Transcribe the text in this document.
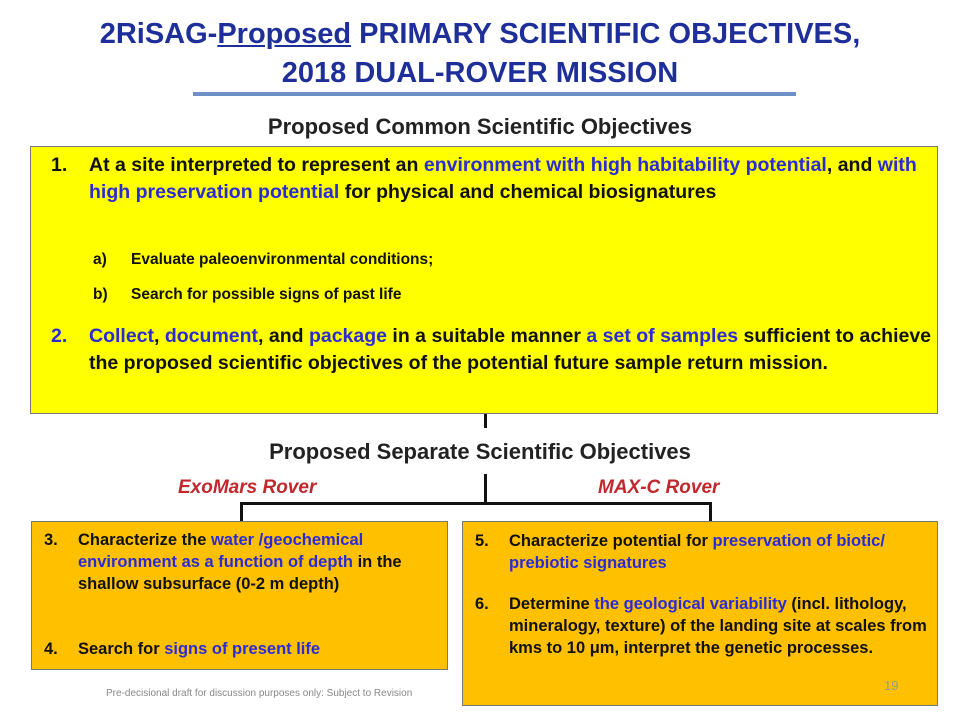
2RiSAG-Proposed PRIMARY SCIENTIFIC OBJECTIVES,
2018 DUAL-ROVER MISSION
Proposed Common Scientific Objectives
1. At a site interpreted to represent an environment with high habitability potential, and with high preservation potential for physical and chemical biosignatures
a) Evaluate paleoenvironmental conditions;
b) Search for possible signs of past life
2. Collect, document, and package in a suitable manner a set of samples sufficient to achieve the proposed scientific objectives of the potential future sample return mission.
Proposed Separate Scientific Objectives
ExoMars Rover	MAX-C Rover
3. Characterize the water /geochemical environment as a function of depth in the shallow subsurface (0-2 m depth)
4. Search for signs of present life
5. Characterize potential for preservation of biotic/ prebiotic signatures
6. Determine the geological variability (incl. lithology, mineralogy, texture) of the landing site at scales from kms to 10 μm, interpret the genetic processes.
Pre-decisional draft for discussion purposes only: Subject to Revision
19
